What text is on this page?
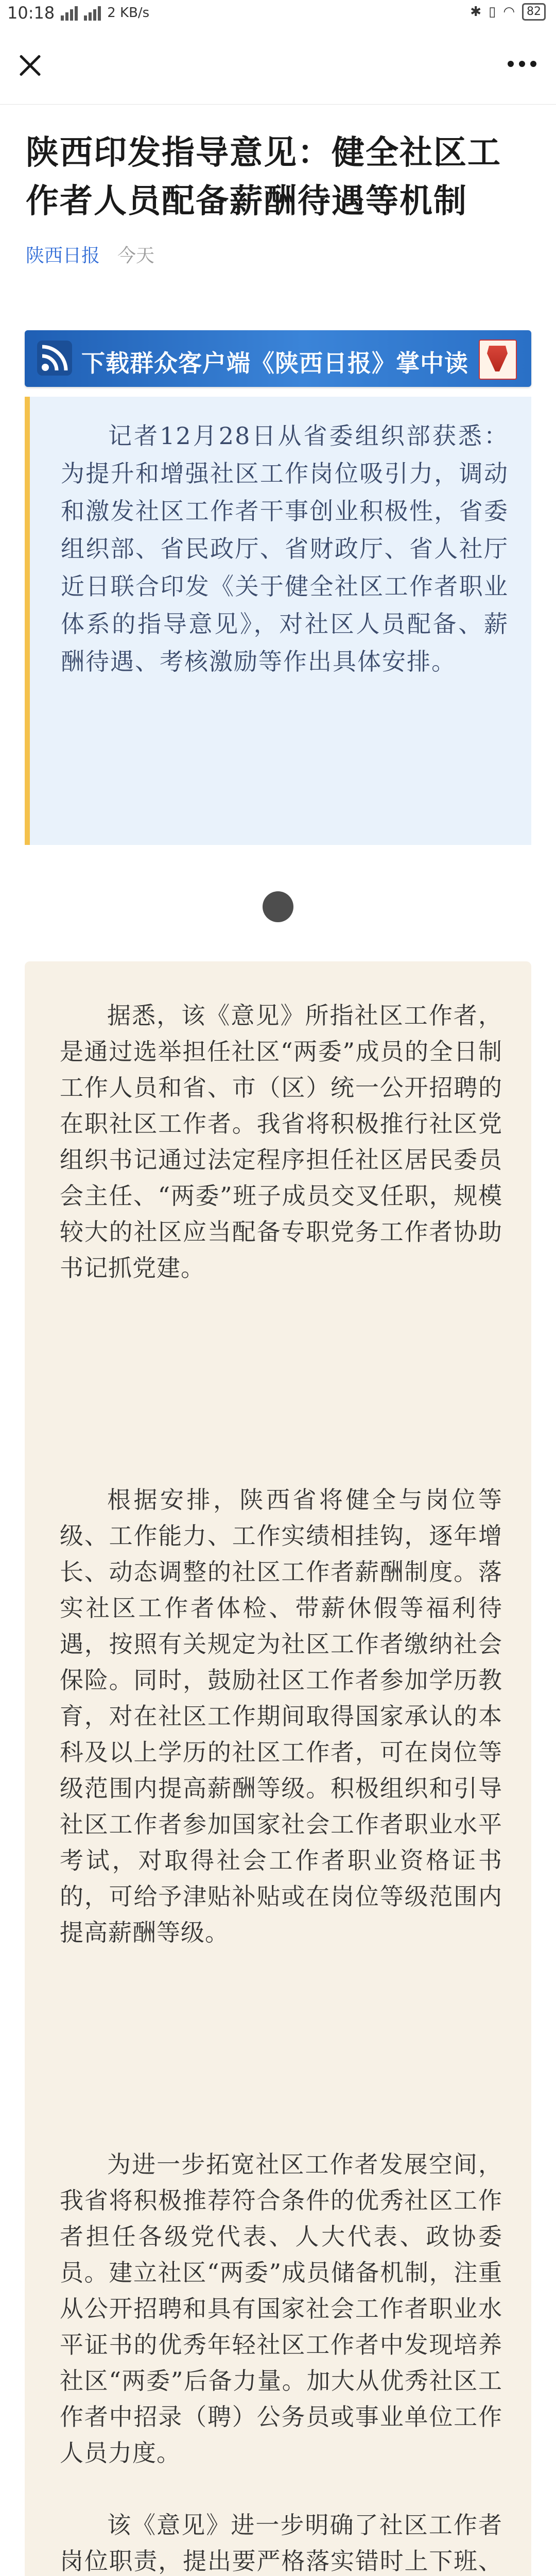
10:18	2 KB/s	✱ ▯ ◠	82
陕西印发指导意见：健全社区工作者人员配备薪酬待遇等机制
陕西日报 今天
下载群众客户端《陕西日报》掌中读

记者12月28日从省委组织部获悉：为提升和增强社区工作岗位吸引力，调动和激发社区工作者干事创业积极性，省委组织部、省民政厅、省财政厅、省人社厅近日联合印发《关于健全社区工作者职业体系的指导意见》，对社区人员配备、薪酬待遇、考核激励等作出具体安排。

据悉，该《意见》所指社区工作者，是通过选举担任社区“两委”成员的全日制工作人员和省、市（区）统一公开招聘的在职社区工作者。我省将积极推行社区党组织书记通过法定程序担任社区居民委员会主任、“两委”班子成员交叉任职，规模较大的社区应当配备专职党务工作者协助书记抓党建。

根据安排，陕西省将健全与岗位等级、工作能力、工作实绩相挂钩，逐年增长、动态调整的社区工作者薪酬制度。落实社区工作者体检、带薪休假等福利待遇，按照有关规定为社区工作者缴纳社会保险。同时，鼓励社区工作者参加学历教育，对在社区工作期间取得国家承认的本科及以上学历的社区工作者，可在岗位等级范围内提高薪酬等级。积极组织和引导社区工作者参加国家社会工作者职业水平考试，对取得社会工作者职业资格证书的，可给予津贴补贴或在岗位等级范围内提高薪酬等级。

为进一步拓宽社区工作者发展空间，我省将积极推荐符合条件的优秀社区工作者担任各级党代表、人大代表、政协委员。建立社区“两委”成员储备机制，注重从公开招聘和具有国家社会工作者职业水平证书的优秀年轻社区工作者中发现培养社区“两委”后备力量。加大从优秀社区工作者中招录（聘）公务员或事业单位工作人员力度。

该《意见》进一步明确了社区工作者岗位职责，提出要严格落实错时上下班、
